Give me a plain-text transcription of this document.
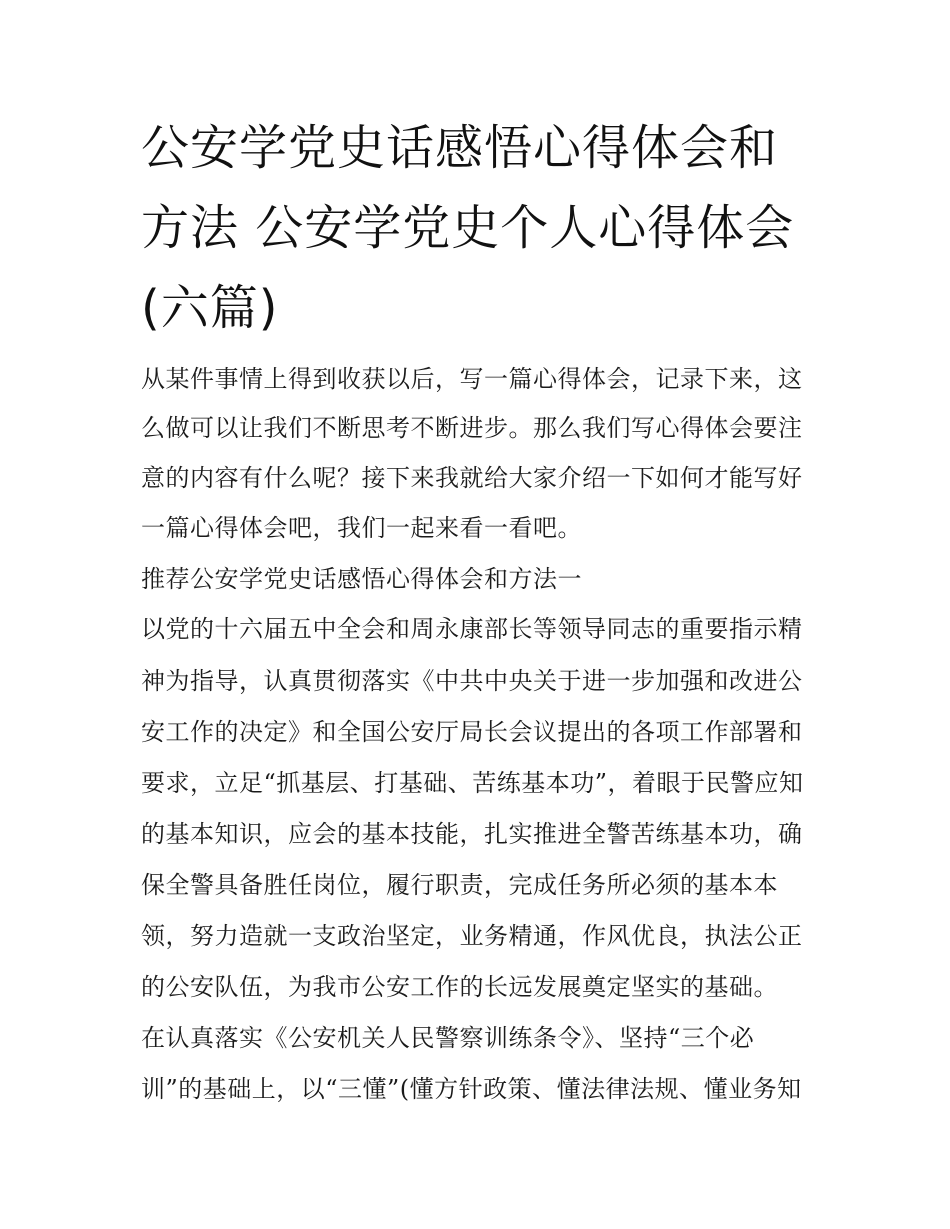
公安学党史话感悟心得体会和
方法 公安学党史个人心得体会
(六篇)
从某件事情上得到收获以后，写一篇心得体会，记录下来，这
么做可以让我们不断思考不断进步。那么我们写心得体会要注
意的内容有什么呢？接下来我就给大家介绍一下如何才能写好
一篇心得体会吧，我们一起来看一看吧。
推荐公安学党史话感悟心得体会和方法一
以党的十六届五中全会和周永康部长等领导同志的重要指示精
神为指导，认真贯彻落实《中共中央关于进一步加强和改进公
安工作的决定》和全国公安厅局长会议提出的各项工作部署和
要求，立足“抓基层、打基础、苦练基本功”，着眼于民警应知
的基本知识，应会的基本技能，扎实推进全警苦练基本功，确
保全警具备胜任岗位，履行职责，完成任务所必须的基本本
领，努力造就一支政治坚定，业务精通，作风优良，执法公正
的公安队伍，为我市公安工作的长远发展奠定坚实的基础。
在认真落实《公安机关人民警察训练条令》、坚持“三个必
训”的基础上，以“三懂”(懂方针政策、懂法律法规、懂业务知
